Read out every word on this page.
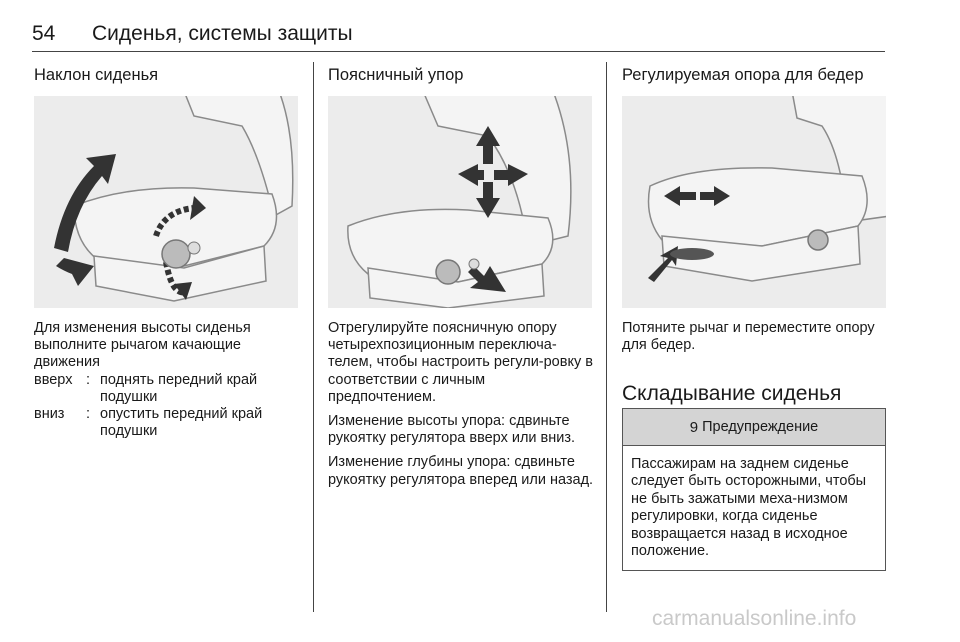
54 Сиденья, системы защиты
Наклон сиденья

Для изменения высоты сиденья выполните рычагом качающие движения

вверх : поднять передний край подушки
вниз	: опустить передний край подушки
Поясничный упор

Отрегулируйте поясничную опору четырехпозиционным переключа-телем, чтобы настроить регули-ровку в соответствии с личным предпочтением.

Изменение высоты упора: сдвиньте рукоятку регулятора вверх или вниз.

Изменение глубины упора: сдвиньте рукоятку регулятора вперед или назад.

Регулируемая опора для бедер

Потяните рычаг и переместите опору для бедер.

Складывание сиденья
9 Предупреждение
Пассажирам на заднем сиденье следует быть осторожными, чтобы не быть зажатыми меха-низмом регулировки, когда сиденье возвращается назад в исходное положение.
carmanualsonline.info
